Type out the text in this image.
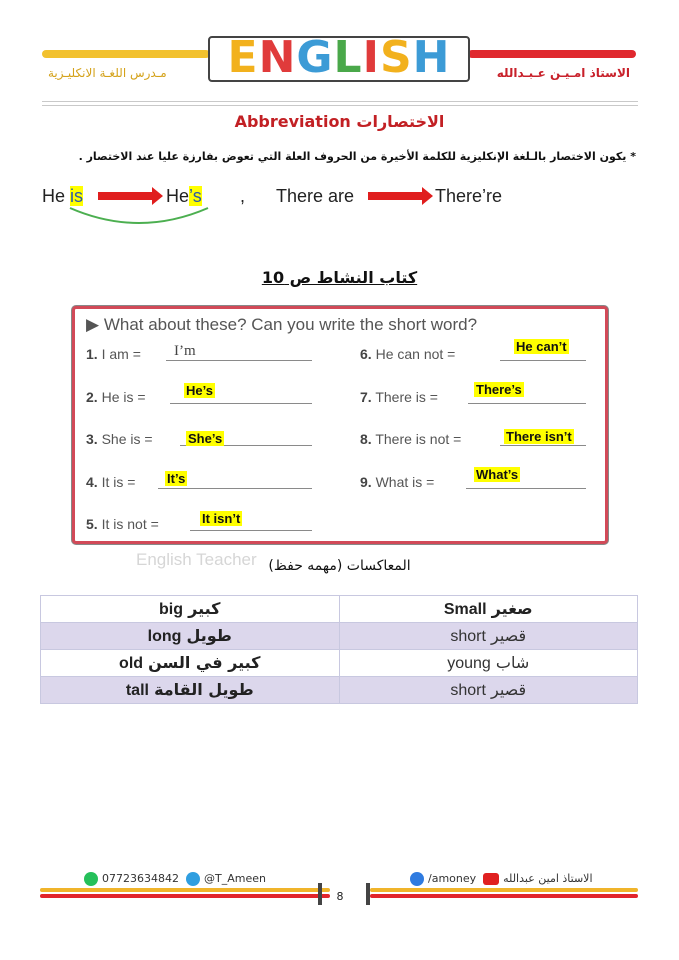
ENGLISH
مـدرس اللغـة الانكليـزية	الاستاذ امـيـن عـبـدالله
Abbreviation الاختصارات
* يكون الاختصار بالـلغة الإنكليزية للكلمة الأخيرة من الحروف العلة التي تعوض بفارزة عليا عند الاختصار .
He is	He’s , There are	There’re
كتاب النشاط ص 10
▶ What about these? Can you write the short word?
1. I am = I’m
2. He is =	He’s
3. She is =	She’s
4. It is = It’s
5. It is not =	It isn’t
6. He can not =	He can’t
7. There is =	There’s
8. There is not =	There isn’t
9. What is =	What’s
English Teacher المعاكسات (مهمه حفظ)
big كبير	Small صغير
long طويل	short قصير
old كبير في السن	young شاب
tall طويل القامة	short قصير
07723634842 @T_Ameen	/amoney الاستاذ امين عبدالله
8
